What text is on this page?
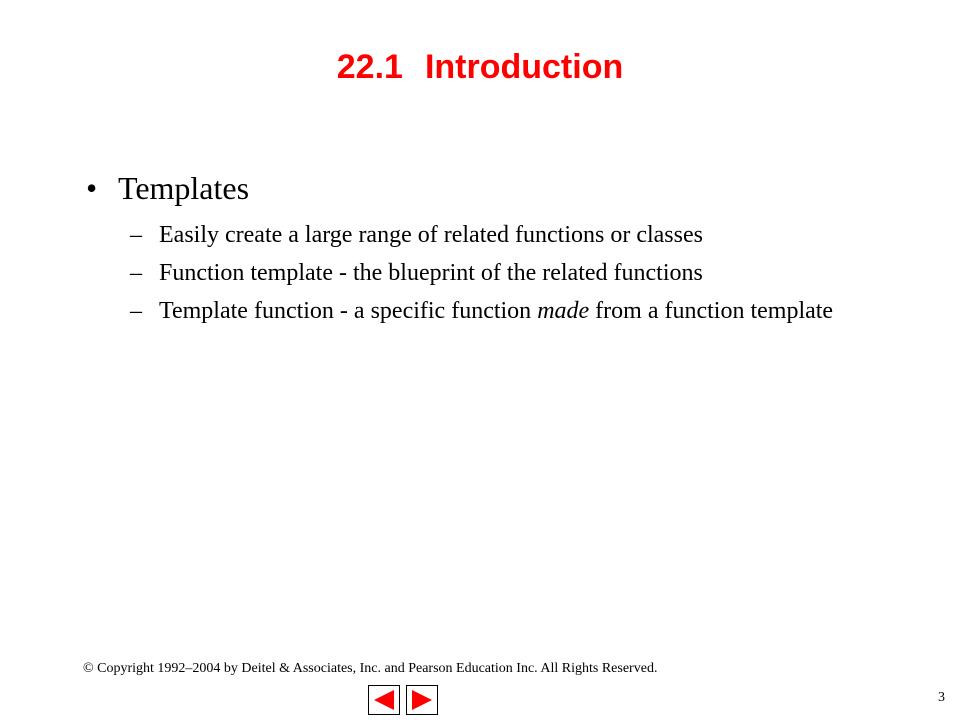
22.1 Introduction
• Templates
– Easily create a large range of related functions or classes
– Function template - the blueprint of the related functions
– Template function - a specific function made from a function template
© Copyright 1992–2004 by Deitel & Associates, Inc. and Pearson Education Inc. All Rights Reserved.
3
